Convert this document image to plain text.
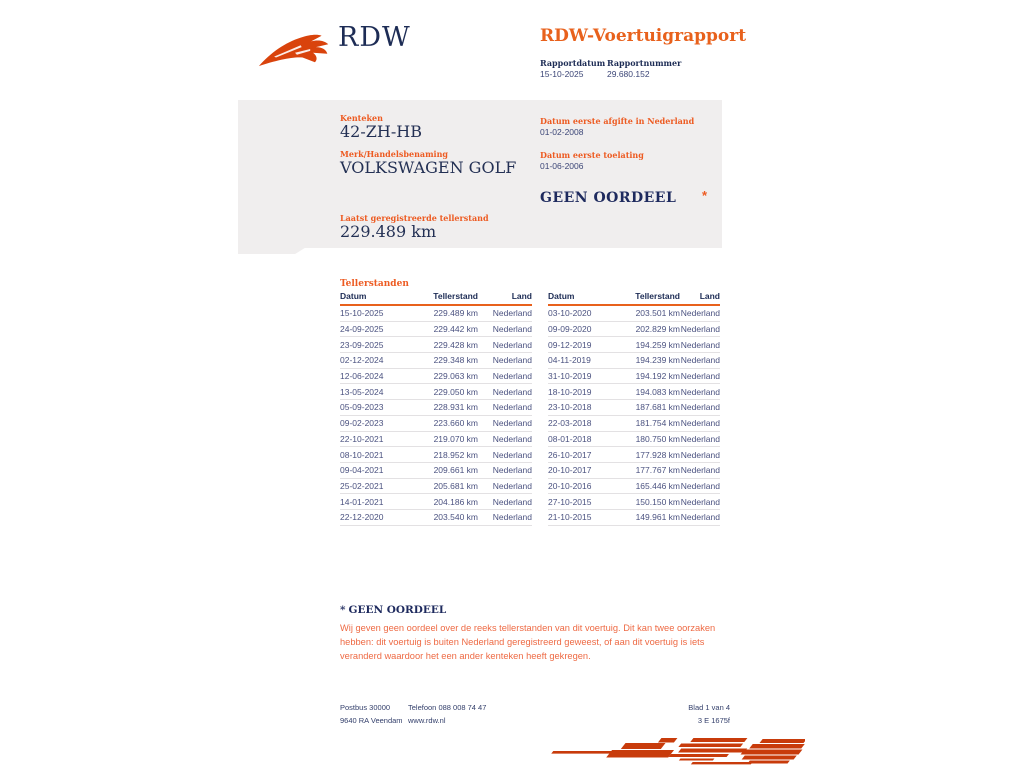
RDW	RDW-Voertuigrapport
Rapportdatum
15-10-2025
Rapportnummer
29.680.152
Kenteken
42-ZH-HB
Merk/Handelsbenaming
VOLKSWAGEN GOLF
Laatst geregistreerde tellerstand
229.489 km
Datum eerste afgifte in Nederland
01-02-2008
Datum eerste toelating
01-06-2006
GEEN OORDEEL *
Tellerstanden
Datum	Tellerstand	Land
15-10-2025	229.489 km	Nederland
24-09-2025	229.442 km	Nederland
23-09-2025	229.428 km	Nederland
02-12-2024	229.348 km	Nederland
12-06-2024	229.063 km	Nederland
13-05-2024	229.050 km	Nederland
05-09-2023	228.931 km	Nederland
09-02-2023	223.660 km	Nederland
22-10-2021	219.070 km	Nederland
08-10-2021	218.952 km	Nederland
09-04-2021	209.661 km	Nederland
25-02-2021	205.681 km	Nederland
14-01-2021	204.186 km	Nederland
22-12-2020	203.540 km	Nederland
Datum	Tellerstand	Land
03-10-2020	203.501 km Nederland
09-09-2020	202.829 km Nederland
09-12-2019	194.259 km Nederland
04-11-2019	194.239 km Nederland
31-10-2019	194.192 km Nederland
18-10-2019	194.083 km Nederland
23-10-2018	187.681 km Nederland
22-03-2018	181.754 km Nederland
08-01-2018	180.750 km Nederland
26-10-2017	177.928 km Nederland
20-10-2017	177.767 km Nederland
20-10-2016	165.446 km Nederland
27-10-2015	150.150 km Nederland
21-10-2015	149.961 km Nederland
* GEEN OORDEEL
Wij geven geen oordeel over de reeks tellerstanden van dit voertuig. Dit kan twee oorzaken hebben: dit voertuig is buiten Nederland geregistreerd geweest, of aan dit voertuig is iets veranderd waardoor het een ander kenteken heeft gekregen.
Postbus 30000
9640 RA Veendam
Telefoon 088 008 74 47
www.rdw.nl
Blad 1 van 4
3 E 1675f
